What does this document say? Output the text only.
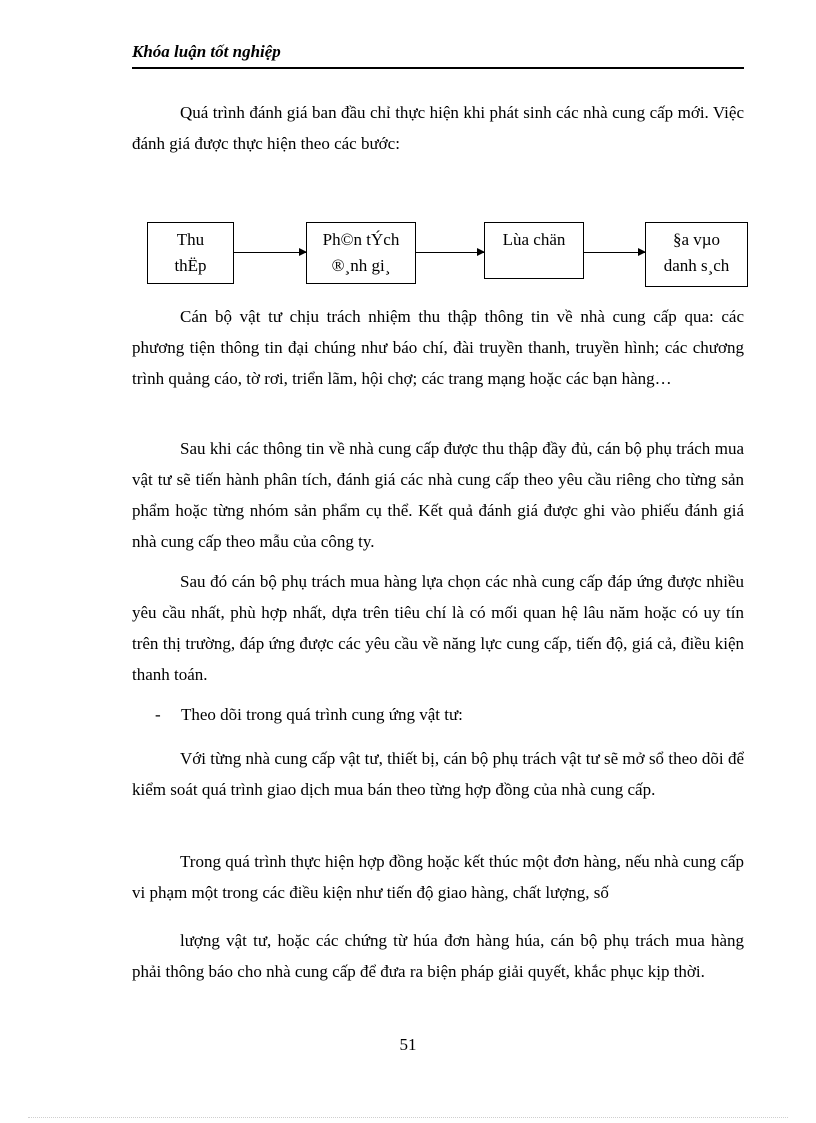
Khóa luận tốt nghiệp

Quá trình đánh giá ban đầu chỉ thực hiện khi phát sinh các nhà cung cấp mới. Việc đánh giá được thực hiện theo các bước:

Thu
thËp
Ph©n tÝch
®¸nh gi¸
Lùa chän	§a vµo
danh s¸ch

Cán bộ vật tư chịu trách nhiệm thu thập thông tin về nhà cung cấp qua: các phương tiện thông tin đại chúng như báo chí, đài truyền thanh, truyền hình; các chương trình quảng cáo, tờ rơi, triển lãm, hội chợ; các trang mạng hoặc các bạn hàng…

Sau khi các thông tin về nhà cung cấp được thu thập đầy đủ, cán bộ phụ trách mua vật tư sẽ tiến hành phân tích, đánh giá các nhà cung cấp theo yêu cầu riêng cho từng sản phẩm hoặc từng nhóm sản phẩm cụ thể. Kết quả đánh giá được ghi vào phiếu đánh giá nhà cung cấp theo mẫu của công ty.

Sau đó cán bộ phụ trách mua hàng lựa chọn các nhà cung cấp đáp ứng được nhiều yêu cầu nhất, phù hợp nhất, dựa trên tiêu chí là có mối quan hệ lâu năm hoặc có uy tín trên thị trường, đáp ứng được các yêu cầu về năng lực cung cấp, tiến độ, giá cả, điều kiện thanh toán.

- Theo dõi trong quá trình cung ứng vật tư:

Với từng nhà cung cấp vật tư, thiết bị, cán bộ phụ trách vật tư sẽ mở sổ theo dõi để kiểm soát quá trình giao dịch mua bán theo từng hợp đồng của nhà cung cấp.

Trong quá trình thực hiện hợp đồng hoặc kết thúc một đơn hàng, nếu nhà cung cấp vi phạm một trong các điều kiện như tiến độ giao hàng, chất lượng, số

lượng vật tư, hoặc các chứng từ húa đơn hàng húa, cán bộ phụ trách mua hàng phải thông báo cho nhà cung cấp để đưa ra biện pháp giải quyết, khắc phục kịp thời.

51
